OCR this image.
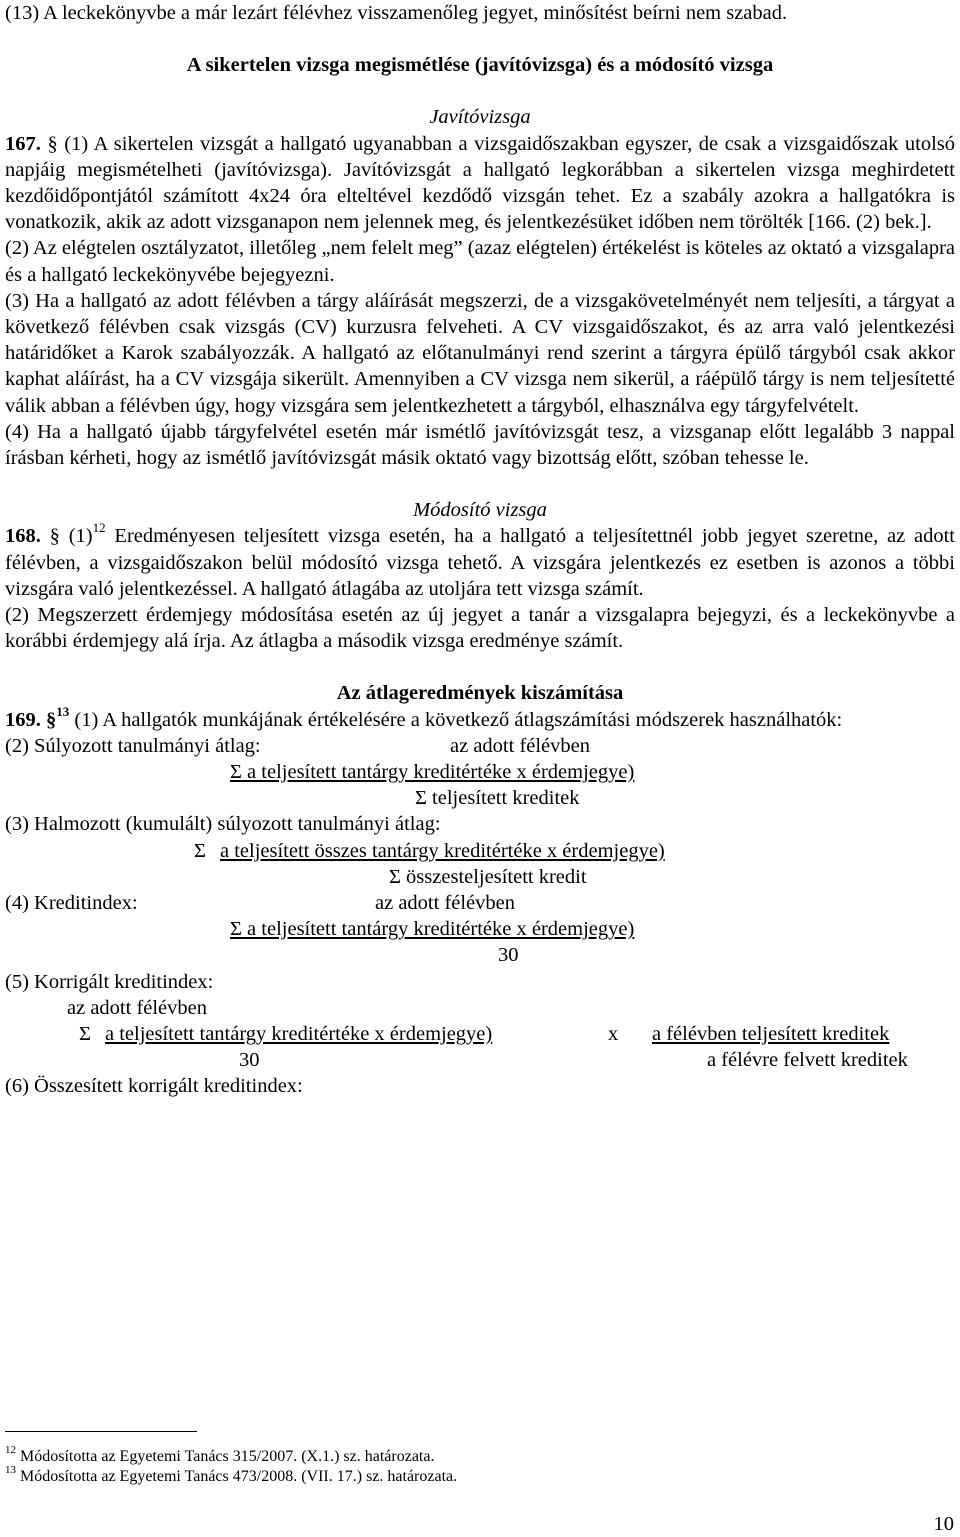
(13) A leckekönyvbe a már lezárt félévhez visszamenőleg jegyet, minősítést beírni nem szabad.

A sikertelen vizsga megismétlése (javítóvizsga) és a módosító vizsga

Javítóvizsga

167. § (1) A sikertelen vizsgát a hallgató ugyanabban a vizsgaidőszakban egyszer, de csak a vizsgaidőszak utolsó napjáig megismételheti (javítóvizsga). Javítóvizsgát a hallgató legkorábban a sikertelen vizsga meghirdetett kezdőidőpontjától számított 4x24 óra elteltével kezdődő vizsgán tehet. Ez a szabály azokra a hallgatókra is vonatkozik, akik az adott vizsganapon nem jelennek meg, és jelentkezésüket időben nem törölték [166. (2) bek.].

(2) Az elégtelen osztályzatot, illetőleg „nem felelt meg” (azaz elégtelen) értékelést is köteles az oktató a vizsgalapra és a hallgató leckekönyvébe bejegyezni.

(3) Ha a hallgató az adott félévben a tárgy aláírását megszerzi, de a vizsgakövetelményét nem teljesíti, a tárgyat a következő félévben csak vizsgás (CV) kurzusra felveheti. A CV vizsgaidőszakot, és az arra való jelentkezési határidőket a Karok szabályozzák. A hallgató az előtanulmányi rend szerint a tárgyra épülő tárgyból csak akkor kaphat aláírást, ha a CV vizsgája sikerült. Amennyiben a CV vizsga nem sikerül, a ráépülő tárgy is nem teljesítetté válik abban a félévben úgy, hogy vizsgára sem jelentkezhetett a tárgyból, elhasználva egy tárgyfelvételt.

(4) Ha a hallgató újabb tárgyfelvétel esetén már ismétlő javítóvizsgát tesz, a vizsganap előtt legalább 3 nappal írásban kérheti, hogy az ismétlő javítóvizsgát másik oktató vagy bizottság előtt, szóban tehesse le.

Módosító vizsga

168. § $(1)^{12}$ Eredményesen teljesített vizsga esetén, ha a hallgató a teljesítettnél jobb jegyet szeretne, az adott félévben, a vizsgaidőszakon belül módosító vizsga tehető. A vizsgára jelentkezés ez esetben is azonos a többi vizsgára való jelentkezéssel. A hallgató átlagába az utoljára tett vizsga számít.

(2) Megszerzett érdemjegy módosítása esetén az új jegyet a tanár a vizsgalapra bejegyzi, és a leckekönyvbe a korábbi érdemjegy alá írja. Az átlagba a második vizsga eredménye számít.

Az átlageredmények kiszámítása

169. §$^{13}$ (1) A hallgatók munkájának értékelésére a következő átlagszámítási módszerek használhatók:

(2) Súlyozott tanulmányi átlag:	az adott félévben
Σ a teljesített tantárgy kreditértéke x érdemjegye)
Σ teljesített kreditek
(3) Halmozott (kumulált) súlyozott tanulmányi átlag:
Σ a teljesített összes tantárgy kreditértéke x érdemjegye)
Σ összesteljesített kredit
(4) Kreditindex:	az adott félévben
Σ a teljesített tantárgy kreditértéke x érdemjegye)
30
(5) Korrigált kreditindex:
az adott félévben
Σ a teljesített tantárgy kreditértéke x érdemjegye)	x a félévben teljesített kreditek
30	a félévre felvett kreditek
(6) Összesített korrigált kreditindex:
$^{12}$ Módosította az Egyetemi Tanács 315/2007. (X.1.) sz. határozata.
$^{13}$ Módosította az Egyetemi Tanács 473/2008. (VII. 17.) sz. határozata.
10
